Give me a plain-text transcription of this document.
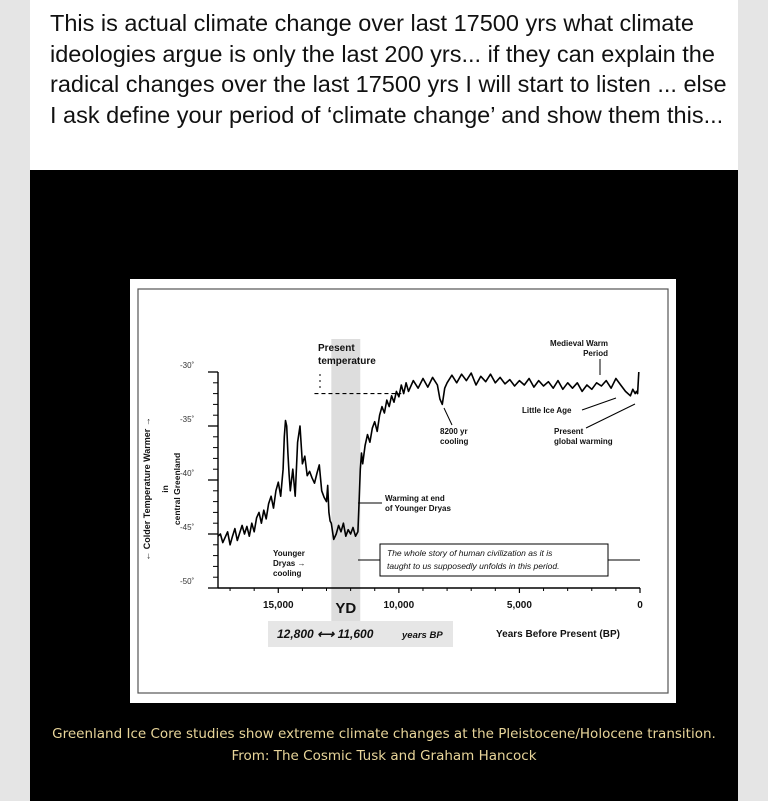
This is actual climate change over last 17500 yrs what climate ideologies argue is only the last 200 yrs... if they can explain the radical changes over the last 17500 yrs I will start to listen ... else I ask define your period of ‘climate change’ and show them this...

-30˚
-35˚
-40˚
-45˚
-50˚
15,000	10,000	5,000	0
← Colder Temperature Warmer → in central Greenland
Years Before Present (BP)
YD
12,800 ⟷ 11,600	years BP
Present
temperature
Medieval Warm
Period
Little Ice Age
8200 yr
cooling
Present
global warming
Warming at end
of Younger Dryas
Younger
Dryas →
cooling
The whole story of human civilization as it is
taught to us supposedly unfolds in this period.
Greenland Ice Core studies show extreme climate changes at the Pleistocene/Holocene transition.
From: The Cosmic Tusk and Graham Hancock
